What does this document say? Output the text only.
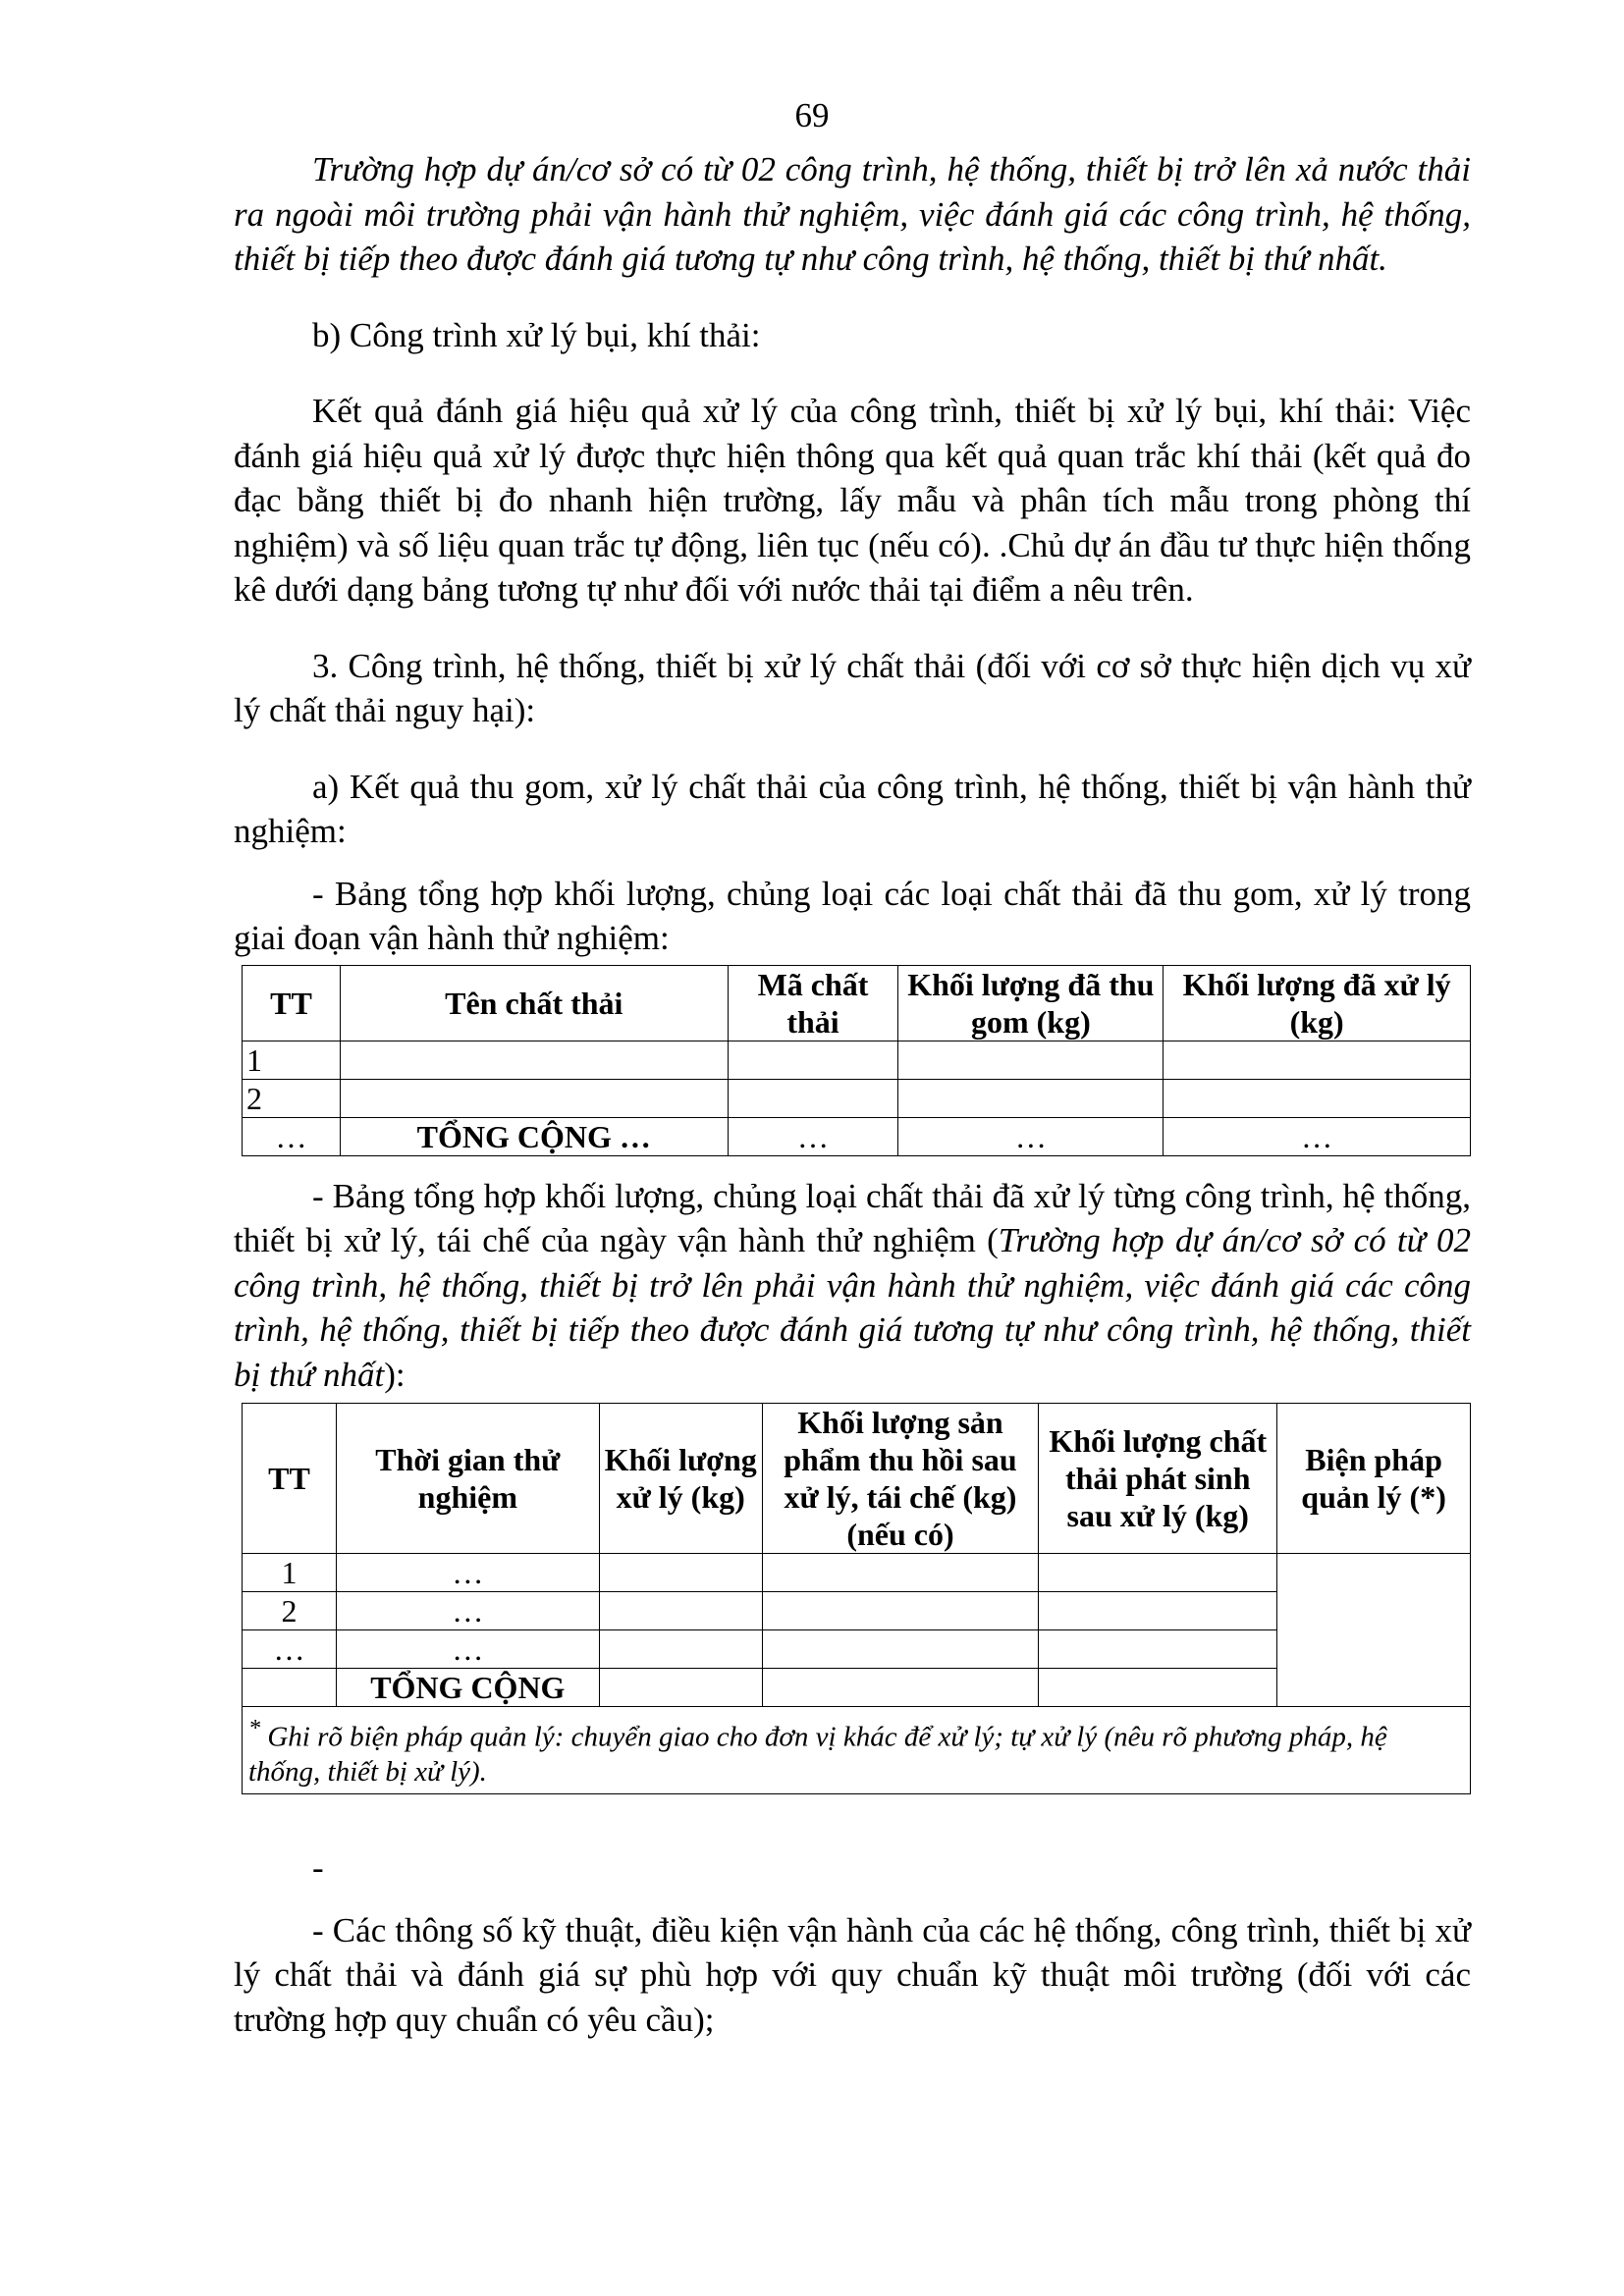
69

Trường hợp dự án/cơ sở có từ 02 công trình, hệ thống, thiết bị trở lên xả nước thải ra ngoài môi trường phải vận hành thử nghiệm, việc đánh giá các công trình, hệ thống, thiết bị tiếp theo được đánh giá tương tự như công trình, hệ thống, thiết bị thứ nhất.

b) Công trình xử lý bụi, khí thải:

Kết quả đánh giá hiệu quả xử lý của công trình, thiết bị xử lý bụi, khí thải: Việc đánh giá hiệu quả xử lý được thực hiện thông qua kết quả quan trắc khí thải (kết quả đo đạc bằng thiết bị đo nhanh hiện trường, lấy mẫu và phân tích mẫu trong phòng thí nghiệm) và số liệu quan trắc tự động, liên tục (nếu có). .Chủ dự án đầu tư thực hiện thống kê dưới dạng bảng tương tự như đối với nước thải tại điểm a nêu trên.

3. Công trình, hệ thống, thiết bị xử lý chất thải (đối với cơ sở thực hiện dịch vụ xử lý chất thải nguy hại):

a) Kết quả thu gom, xử lý chất thải của công trình, hệ thống, thiết bị vận hành thử nghiệm:

- Bảng tổng hợp khối lượng, chủng loại các loại chất thải đã thu gom, xử lý trong giai đoạn vận hành thử nghiệm:

TT	Tên chất thải	Mã chất thải	Khối lượng đã thu gom (kg)	Khối lượng đã xử lý (kg)
1				
2				
…	TỔNG CỘNG …	…	…	…

- Bảng tổng hợp khối lượng, chủng loại chất thải đã xử lý từng công trình, hệ thống, thiết bị xử lý, tái chế của ngày vận hành thử nghiệm (Trường hợp dự án/cơ sở có từ 02 công trình, hệ thống, thiết bị trở lên phải vận hành thử nghiệm, việc đánh giá các công trình, hệ thống, thiết bị tiếp theo được đánh giá tương tự như công trình, hệ thống, thiết bị thứ nhất):

TT	Thời gian thử nghiệm	Khối lượng xử lý (kg)	Khối lượng sản phẩm thu hồi sau xử lý, tái chế (kg) (nếu có)	Khối lượng chất thải phát sinh sau xử lý (kg)	Biện pháp quản lý (*)
1	…				
2	…				
…	…				
	TỔNG CỘNG				
* Ghi rõ biện pháp quản lý: chuyển giao cho đơn vị khác để xử lý; tự xử lý (nêu rõ phương pháp, hệ thống, thiết bị xử lý).					

-

- Các thông số kỹ thuật, điều kiện vận hành của các hệ thống, công trình, thiết bị xử lý chất thải và đánh giá sự phù hợp với quy chuẩn kỹ thuật môi trường (đối với các trường hợp quy chuẩn có yêu cầu);
